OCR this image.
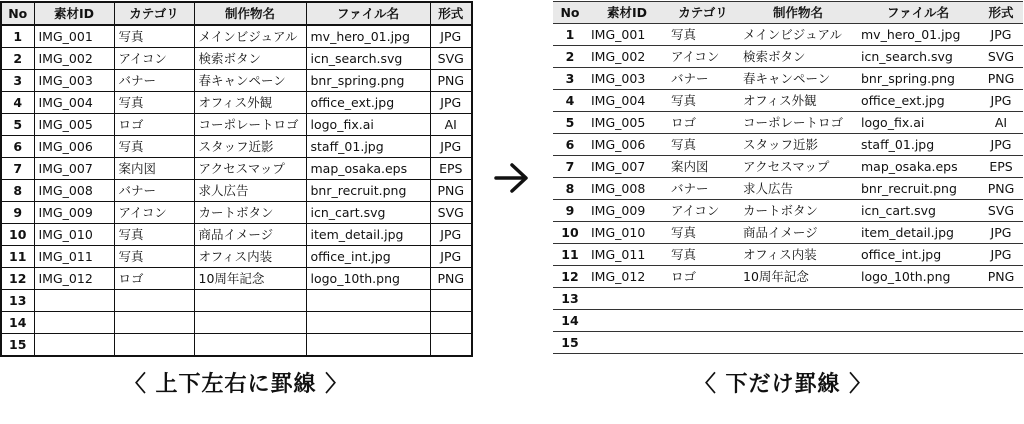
No	素材ID	カテゴリ	制作物名	ファイル名	形式
1	IMG_001	写真	メインビジュアル	mv_hero_01.jpg	JPG
2	IMG_002	アイコン	検索ボタン	icn_search.svg	SVG
3	IMG_003	バナー	春キャンペーン	bnr_spring.png	PNG
4	IMG_004	写真	オフィス外観	office_ext.jpg	JPG
5	IMG_005	ロゴ	コーポレートロゴ	logo_fix.ai	AI
6	IMG_006	写真	スタッフ近影	staff_01.jpg	JPG
7	IMG_007	案内図	アクセスマップ	map_osaka.eps	EPS
8	IMG_008	バナー	求人広告	bnr_recruit.png	PNG
9	IMG_009	アイコン	カートボタン	icn_cart.svg	SVG
10	IMG_010	写真	商品イメージ	item_detail.jpg	JPG
11	IMG_011	写真	オフィス内装	office_int.jpg	JPG
12	IMG_012	ロゴ	10周年記念	logo_10th.png	PNG
13					
14					
15					
No	素材ID	カテゴリ	制作物名	ファイル名	形式
1	IMG_001	写真	メインビジュアル	mv_hero_01.jpg	JPG
2	IMG_002	アイコン	検索ボタン	icn_search.svg	SVG
3	IMG_003	バナー	春キャンペーン	bnr_spring.png	PNG
4	IMG_004	写真	オフィス外観	office_ext.jpg	JPG
5	IMG_005	ロゴ	コーポレートロゴ	logo_fix.ai	AI
6	IMG_006	写真	スタッフ近影	staff_01.jpg	JPG
7	IMG_007	案内図	アクセスマップ	map_osaka.eps	EPS
8	IMG_008	バナー	求人広告	bnr_recruit.png	PNG
9	IMG_009	アイコン	カートボタン	icn_cart.svg	SVG
10	IMG_010	写真	商品イメージ	item_detail.jpg	JPG
11	IMG_011	写真	オフィス内装	office_int.jpg	JPG
12	IMG_012	ロゴ	10周年記念	logo_10th.png	PNG
13					
14					
15					
〈 上下左右に罫線 〉	〈 下だけ罫線 〉
